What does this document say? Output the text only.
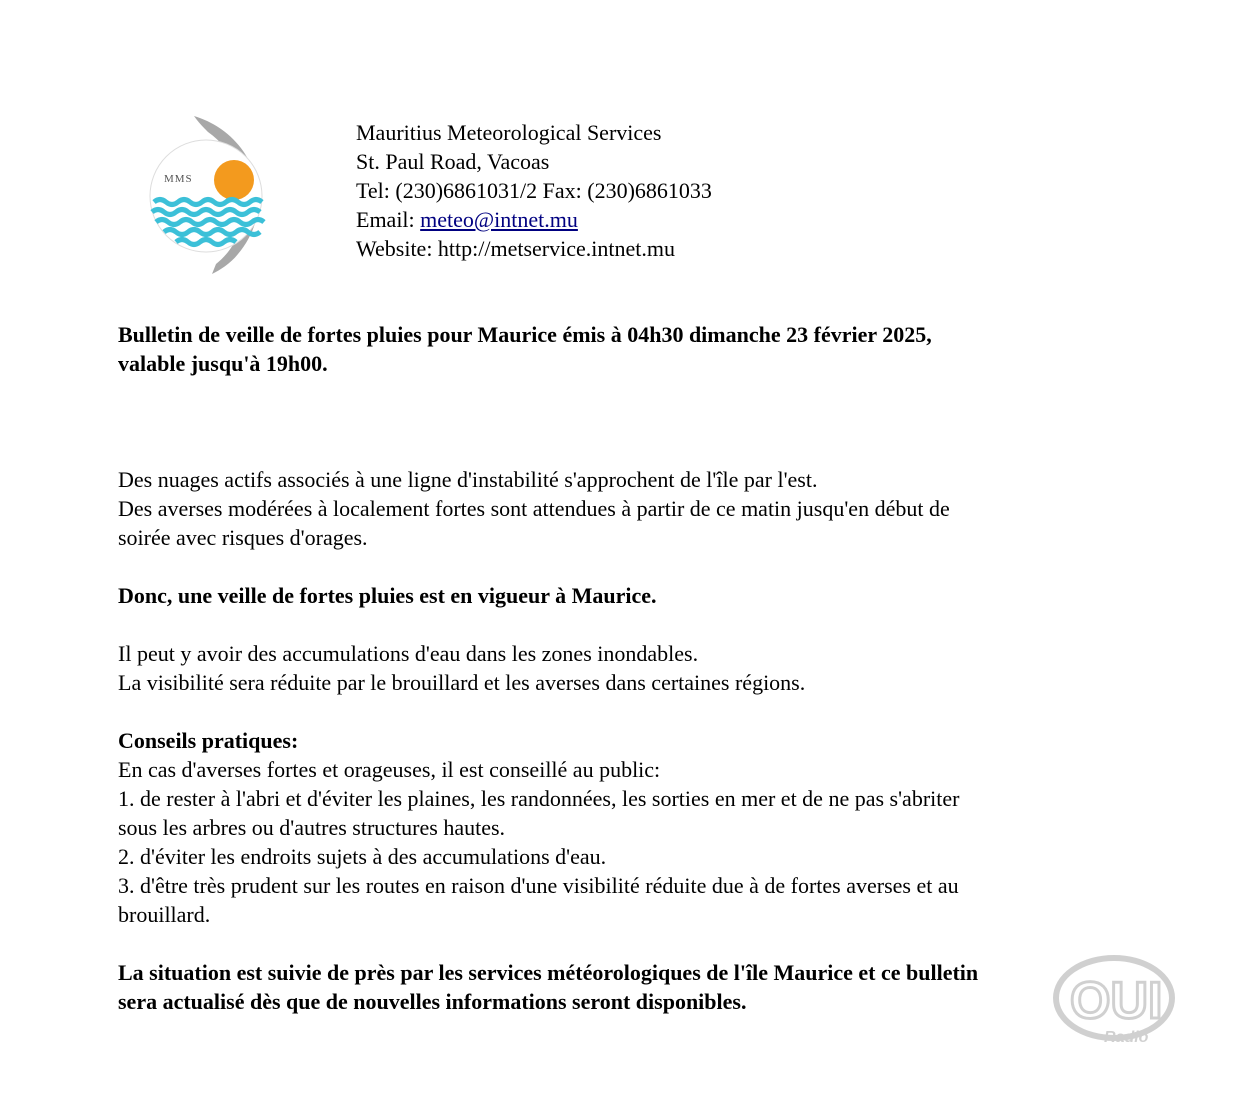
MMS
Mauritius Meteorological Services
St. Paul Road, Vacoas
Tel: (230)6861031/2 Fax: (230)6861033
Email: meteo@intnet.mu
Website: http://metservice.intnet.mu

Bulletin de veille de fortes pluies pour Maurice émis à 04h30 dimanche 23 février 2025,

valable jusqu'à 19h00.

Des nuages actifs associés à une ligne d'instabilité s'approchent de l'île par l'est.

Des averses modérées à localement fortes sont attendues à partir de ce matin jusqu'en début de

soirée avec risques d'orages.

Donc, une veille de fortes pluies est en vigueur à Maurice.

Il peut y avoir des accumulations d'eau dans les zones inondables.

La visibilité sera réduite par le brouillard et les averses dans certaines régions.

Conseils pratiques:

En cas d'averses fortes et orageuses, il est conseillé au public:

1. de rester à l'abri et d'éviter les plaines, les randonnées, les sorties en mer et de ne pas s'abriter

sous les arbres ou d'autres structures hautes.

2. d'éviter les endroits sujets à des accumulations d'eau.

3. d'être très prudent sur les routes en raison d'une visibilité réduite due à de fortes averses et au

brouillard.

La situation est suivie de près par les services météorologiques de l'île Maurice et ce bulletin

sera actualisé dès que de nouvelles informations seront disponibles.	OUI
Radio
